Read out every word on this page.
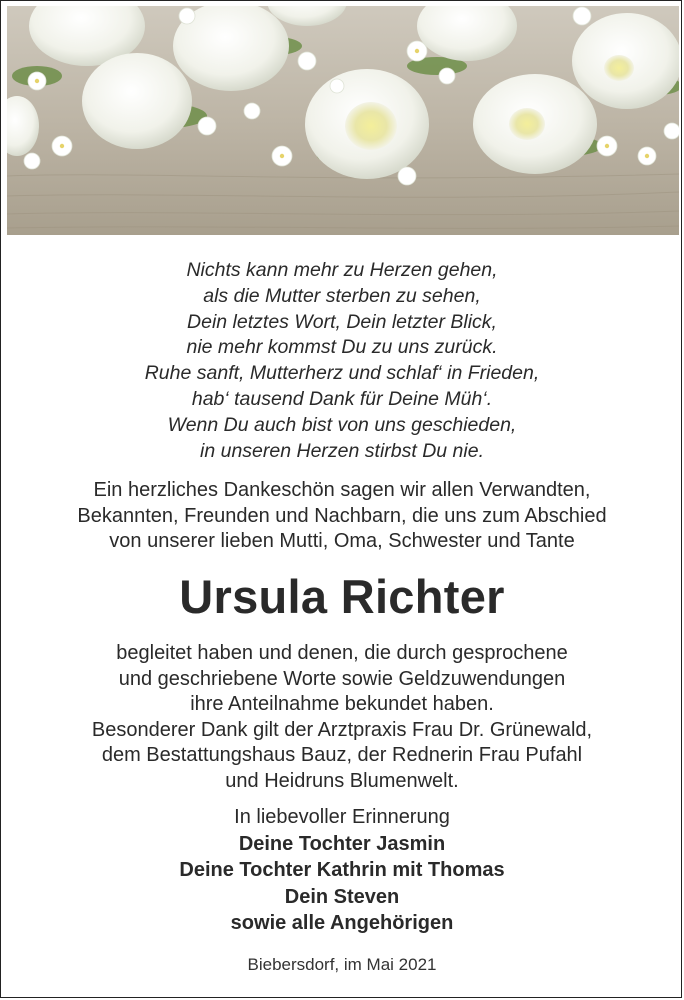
Nichts kann mehr zu Herzen gehen,
als die Mutter sterben zu sehen,
Dein letztes Wort, Dein letzter Blick,
nie mehr kommst Du zu uns zurück.
Ruhe sanft, Mutterherz und schlaf‘ in Frieden,
hab‘ tausend Dank für Deine Müh‘.
Wenn Du auch bist von uns geschieden,
in unseren Herzen stirbst Du nie.
Ein herzliches Dankeschön sagen wir allen Verwandten,
Bekannten, Freunden und Nachbarn, die uns zum Abschied
von unserer lieben Mutti, Oma, Schwester und Tante
Ursula Richter
begleitet haben und denen, die durch gesprochene
und geschriebene Worte sowie Geldzuwendungen
ihre Anteilnahme bekundet haben.
Besonderer Dank gilt der Arztpraxis Frau Dr. Grünewald,
dem Bestattungshaus Bauz, der Rednerin Frau Pufahl
und Heidruns Blumenwelt.
In liebevoller Erinnerung
Deine Tochter Jasmin
Deine Tochter Kathrin mit Thomas
Dein Steven
sowie alle Angehörigen
Biebersdorf, im Mai 2021
